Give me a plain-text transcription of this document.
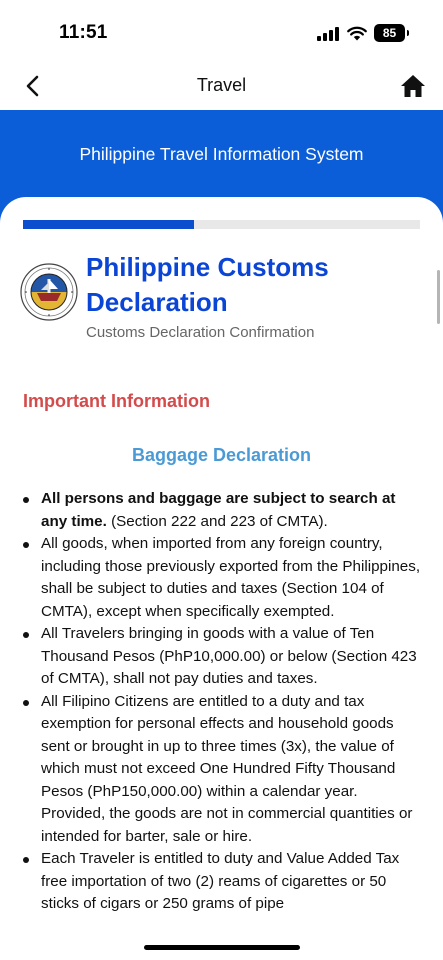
11:51	85
Travel
Philippine Travel Information System
Philippine Customs Declaration
Customs Declaration Confirmation
Important Information
Baggage Declaration
All persons and baggage are subject to search at any time. (Section 222 and 223 of CMTA).
All goods, when imported from any foreign country, including those previously exported from the Philippines, shall be subject to duties and taxes (Section 104 of CMTA), except when specifically exempted.
All Travelers bringing in goods with a value of Ten Thousand Pesos (PhP10,000.00) or below (Section 423 of CMTA), shall not pay duties and taxes.
All Filipino Citizens are entitled to a duty and tax exemption for personal effects and household goods sent or brought in up to three times (3x), the value of which must not exceed One Hundred Fifty Thousand Pesos (PhP150,000.00) within a calendar year. Provided, the goods are not in commercial quantities or intended for barter, sale or hire.
Each Traveler is entitled to duty and Value Added Tax free importation of two (2) reams of cigarettes or 50 sticks of cigars or 250 grams of pipe
